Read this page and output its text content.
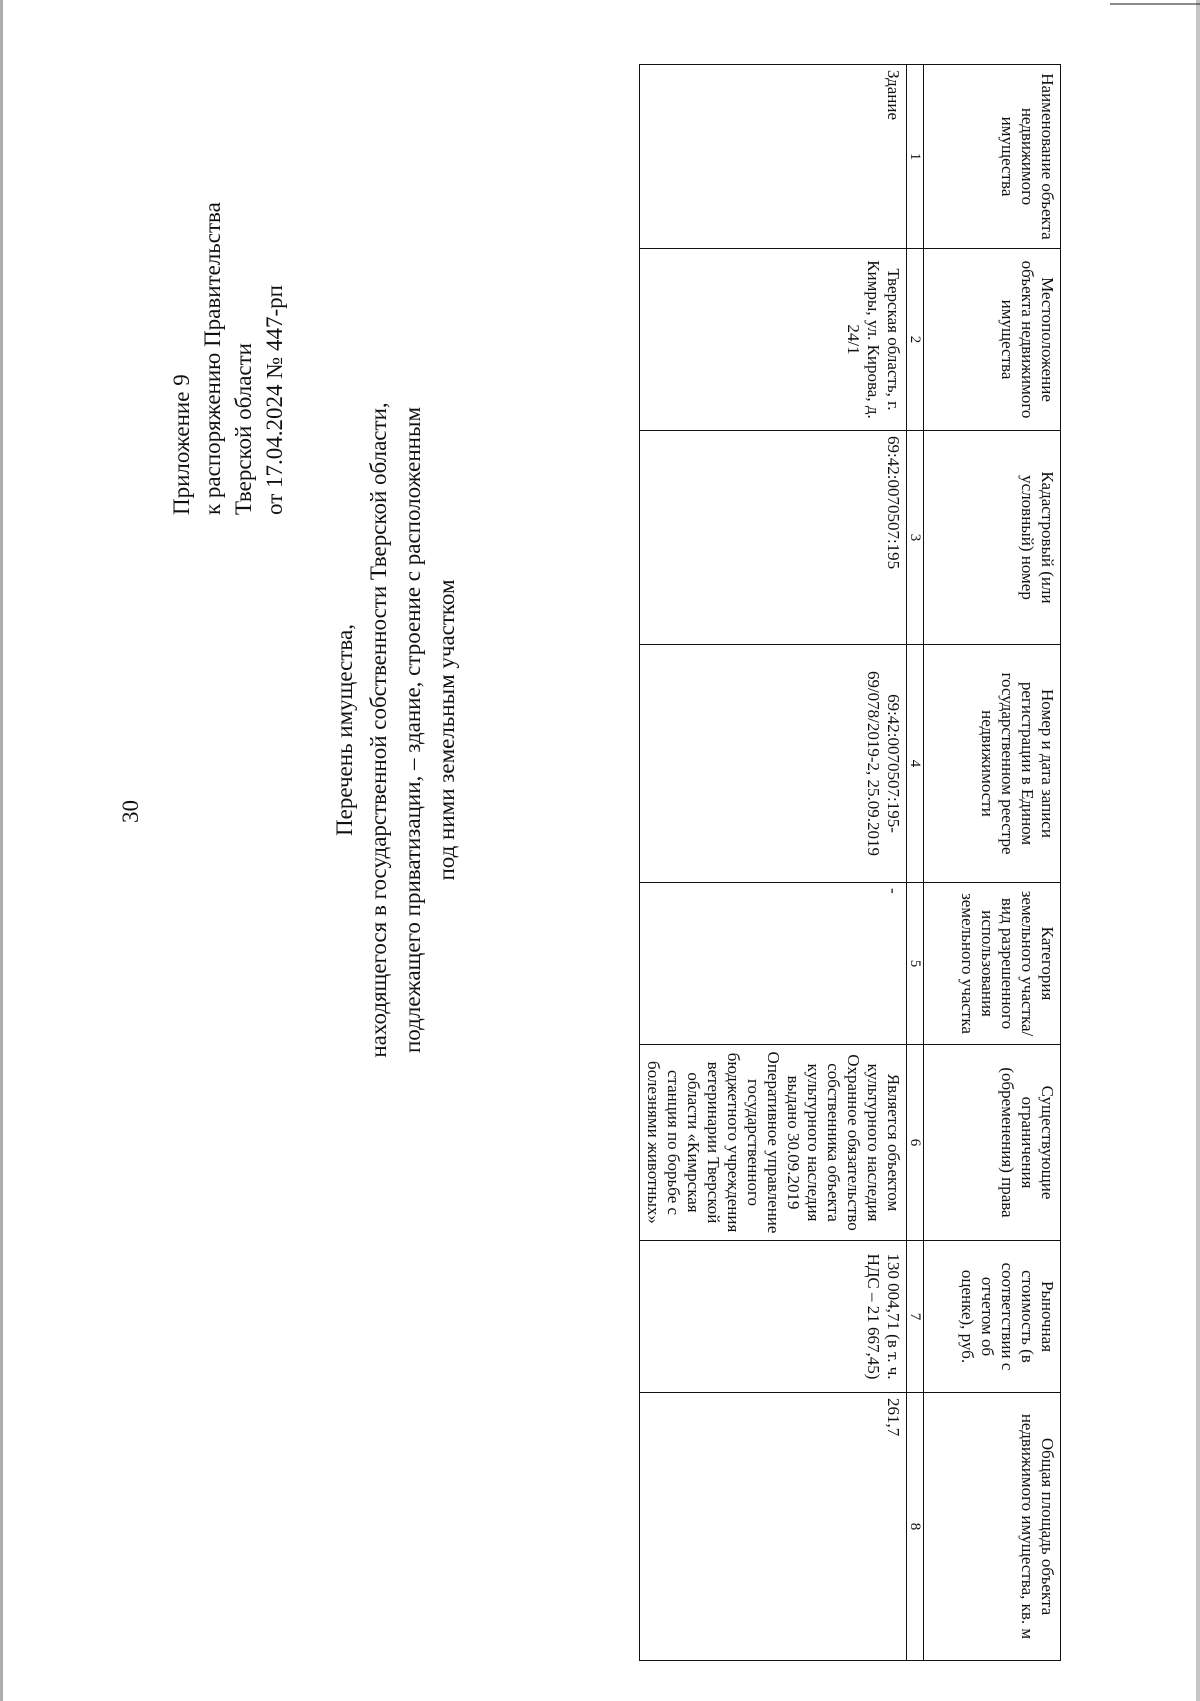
30
Приложение 9 к распоряжению Правительства Тверской области от 17.04.2024 № 447-рп
Перечень имущества, находящегося в государственной собственности Тверской области, подлежащего приватизации, – здание, строение с расположенным под ними земельным участком
Наименование объекта недвижимого имущества	Местоположение объекта недвижимого имущества	Кадастровый (или условный) номер	Номер и дата записи регистрации в Едином государственном реестре недвижимости	Категория земельного участка/вид разрешенного использования земельного участка	Существующие ограничения (обременения) права	Рыночная стоимость (в соответствии с отчетом об оценке), руб.	Общая площадь объекта недвижимого имущества, кв. м
1	2	3	4	5	6	7	8
Здание	Тверская область, г. Кимры, ул. Кирова, д. 24/1	69:42:0070507:195	69:42:0070507:195-69/078/2019-2, 25.09.2019	-	Является объектом культурного наследия Охранное обязательство собственника объекта культурного наследия выдано 30.09.2019 Оперативное управление государственного бюджетного учреждения ветеринарии Тверской области «Кимрская станция по борьбе с болезнями животных»	130 004,71 (в т. ч. НДС – 21 667,45)	261,7
